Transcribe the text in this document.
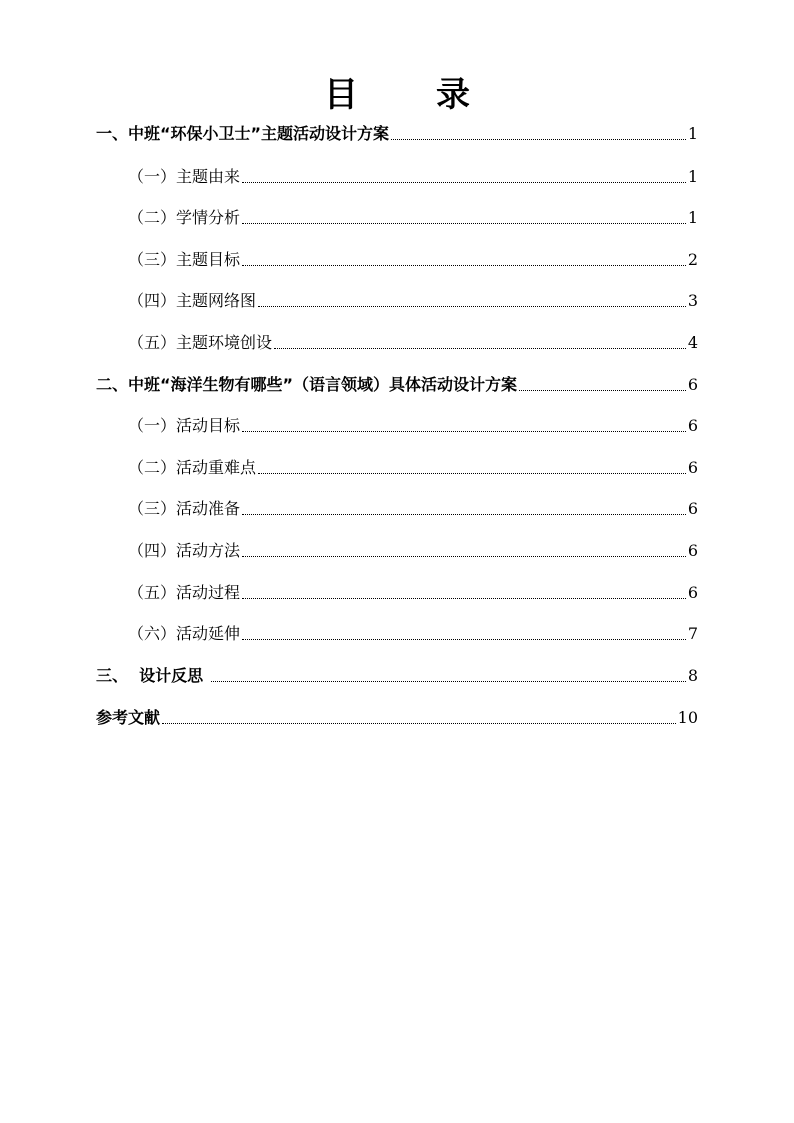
目 录
一、中班“环保小卫士”主题活动设计方案	1
（一）主题由来	1
（二）学情分析	1
（三）主题目标	2
（四）主题网络图	3
（五）主题环境创设	4
二、中班“海洋生物有哪些”（语言领域）具体活动设计方案	6
（一）活动目标	6
（二）活动重难点	6
（三）活动准备	6
（四）活动方法	6
（五）活动过程	6
（六）活动延伸	7
三、  设计反思	8
参考文献	10
